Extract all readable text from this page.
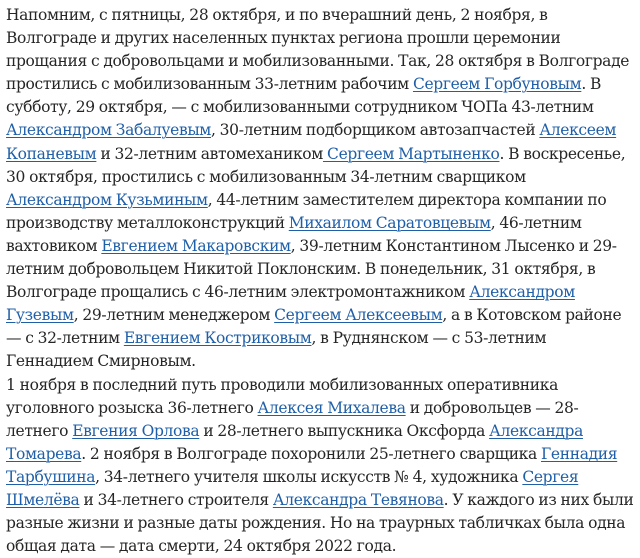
Напомним, с пятницы, 28 октября, и по вчерашний день, 2 ноября, в Волгограде и других населенных пунктах региона прошли церемонии прощания с добровольцами и мобилизованными. Так, 28 октября в Волгограде простились с мобилизованным 33-летним рабочим Сергеем Горбуновым. В субботу, 29 октября, — с мобилизованными сотрудником ЧОПа 43-летним Александром Забалуевым, 30-летним подборщиком автозапчастей Алексеем Копаневым и 32-летним автомехаником Сергеем Мартыненко. В воскресенье, 30 октября, простились с мобилизованным 34-летним сварщиком Александром Кузьминым, 44-летним заместителем директора компании по производству металлоконструкций Михаилом Саратовцевым, 46-летним вахтовиком Евгением Макаровским, 39-летним Константином Лысенко и 29-летним добровольцем Никитой Поклонским. В понедельник, 31 октября, в Волгограде прощались с 46-летним электромонтажником Александром Гузевым, 29-летним менеджером Сергеем Алексеевым, а в Котовском районе — с 32-летним Евгением Костриковым, в Руднянском — с 53-летним Геннадием Смирновым.

1 ноября в последний путь проводили мобилизованных оперативника уголовного розыска 36-летнего Алексея Михалева и добровольцев — 28-летнего Евгения Орлова и 28-летнего выпускника Оксфорда Александра Томарева. 2 ноября в Волгограде похоронили 25-летнего сварщика Геннадия Тарбушина, 34-летнего учителя школы искусств № 4, художника Сергея Шмелёва и 34-летнего строителя Александра Тевянова. У каждого из них были разные жизни и разные даты рождения. Но на траурных табличках была одна общая дата — дата смерти, 24 октября 2022 года.
